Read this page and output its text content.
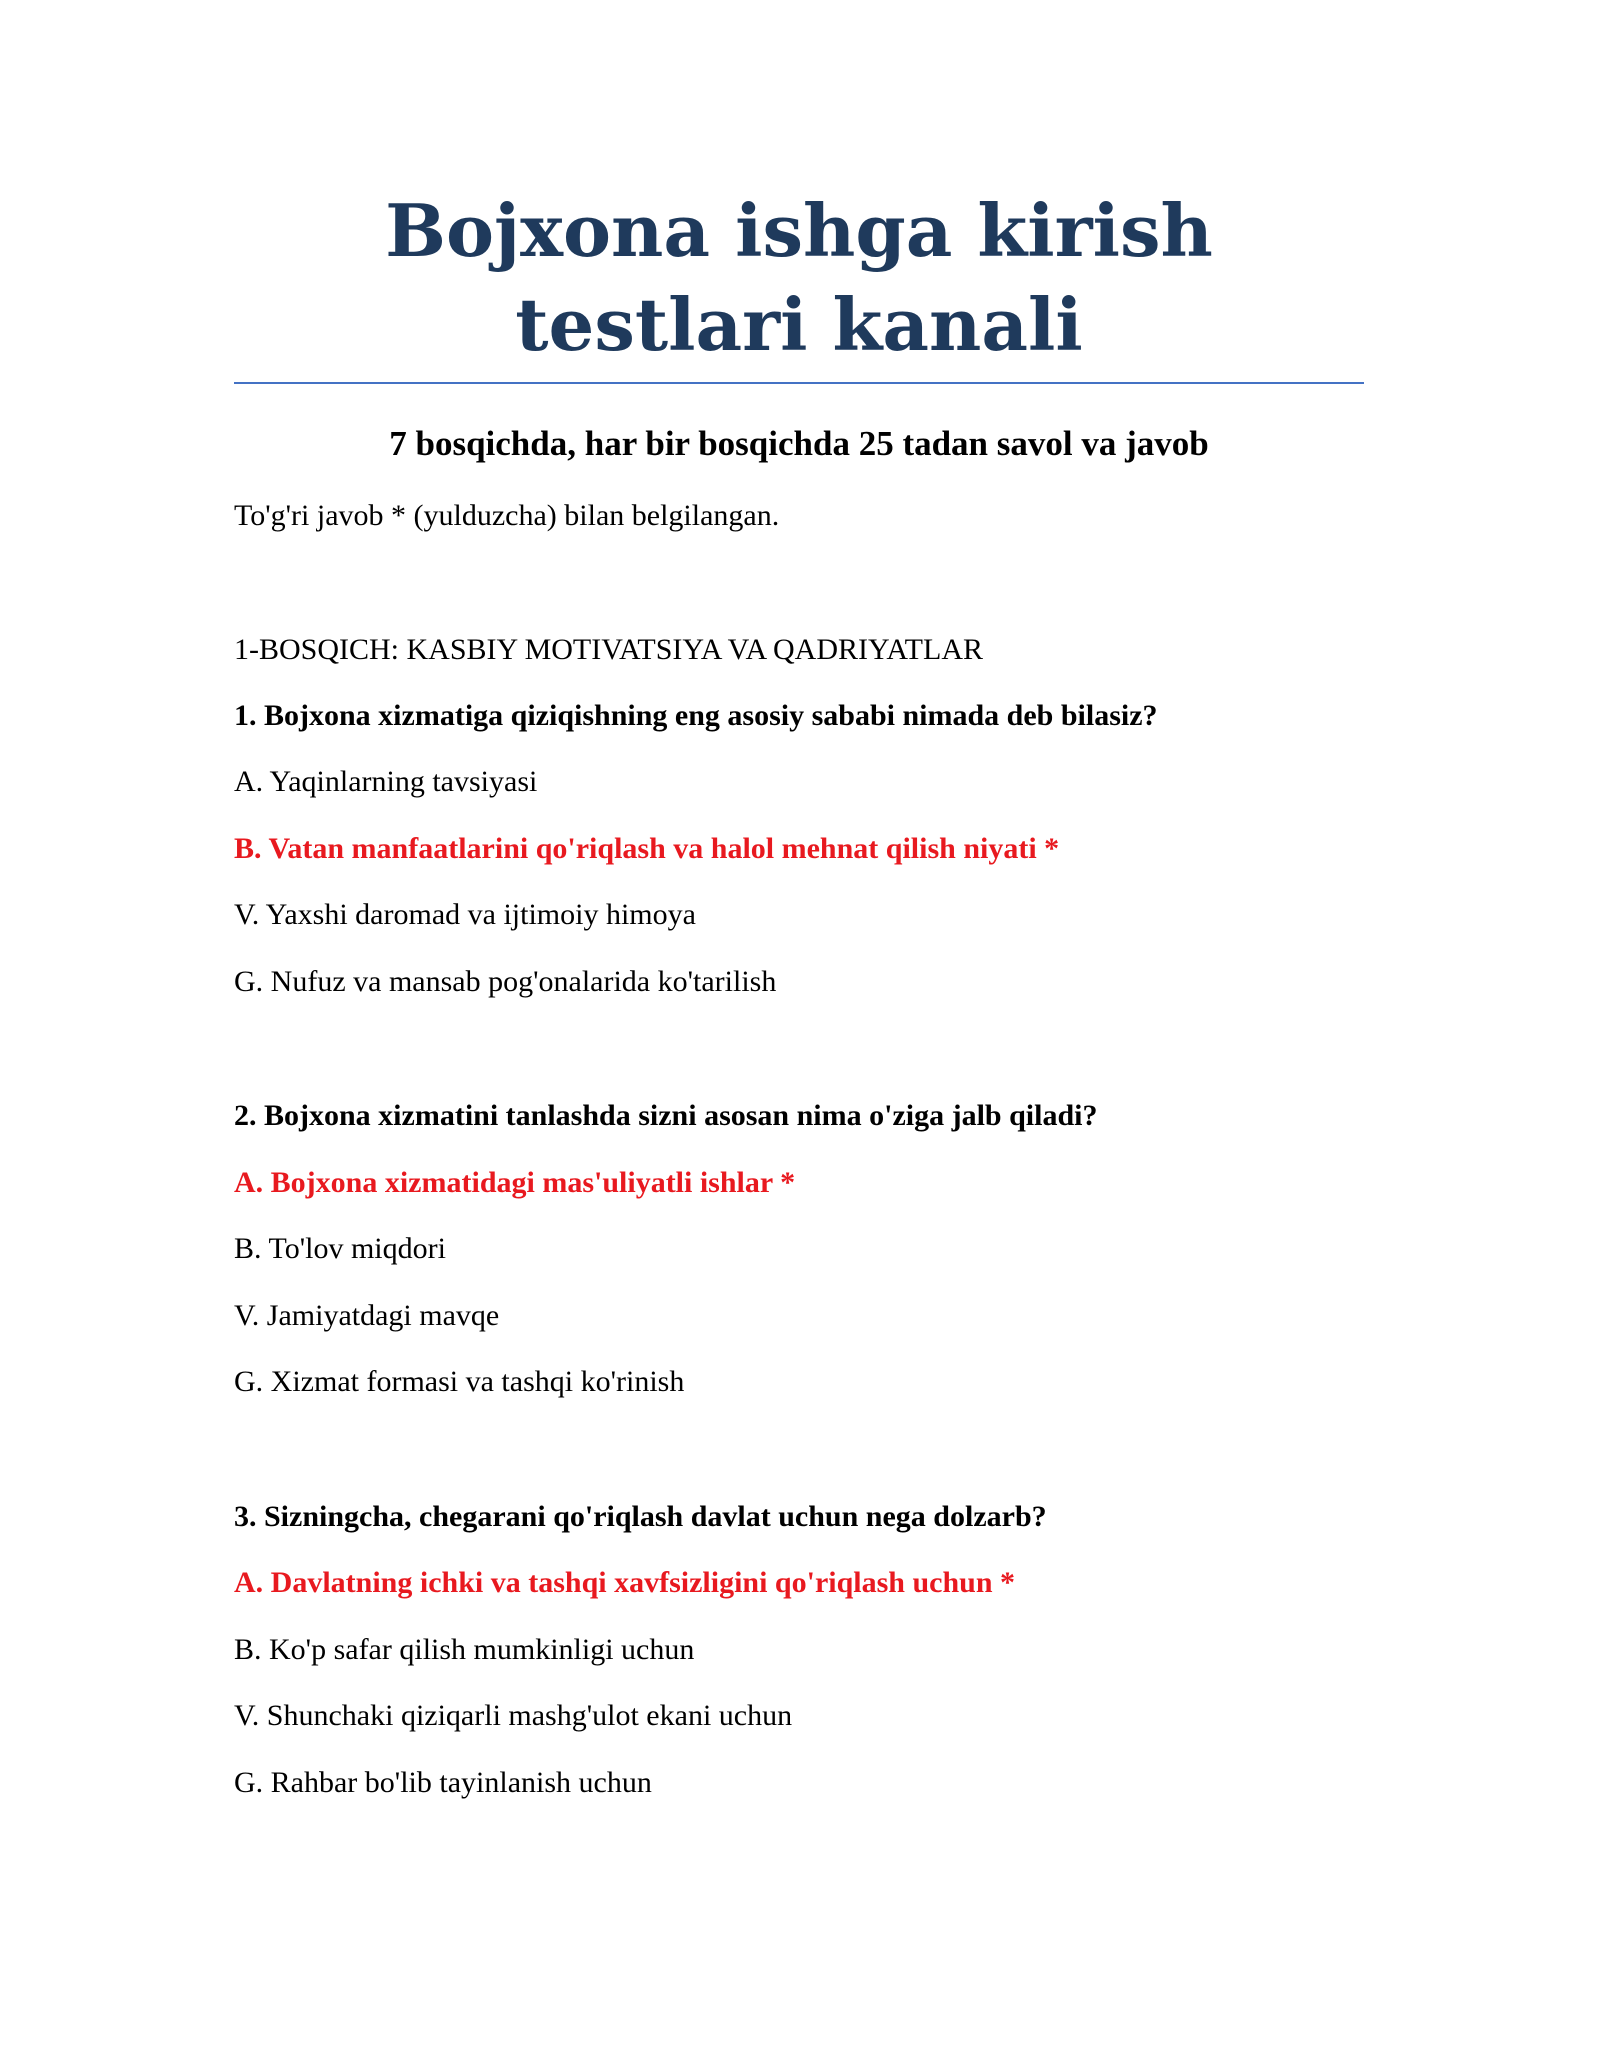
Bojxona ishga kirish testlari kanali

7 bosqichda, har bir bosqichda 25 tadan savol va javob

To'g'ri javob * (yulduzcha) bilan belgilangan.

1-BOSQICH: KASBIY MOTIVATSIYA VA QADRIYATLAR

1. Bojxona xizmatiga qiziqishning eng asosiy sababi nimada deb bilasiz?

A. Yaqinlarning tavsiyasi

B. Vatan manfaatlarini qo'riqlash va halol mehnat qilish niyati *

V. Yaxshi daromad va ijtimoiy himoya

G. Nufuz va mansab pog'onalarida ko'tarilish

2. Bojxona xizmatini tanlashda sizni asosan nima o'ziga jalb qiladi?

A. Bojxona xizmatidagi mas'uliyatli ishlar *

B. To'lov miqdori

V. Jamiyatdagi mavqe

G. Xizmat formasi va tashqi ko'rinish

3. Sizningcha, chegarani qo'riqlash davlat uchun nega dolzarb?

A. Davlatning ichki va tashqi xavfsizligini qo'riqlash uchun *

B. Ko'p safar qilish mumkinligi uchun

V. Shunchaki qiziqarli mashg'ulot ekani uchun

G. Rahbar bo'lib tayinlanish uchun
